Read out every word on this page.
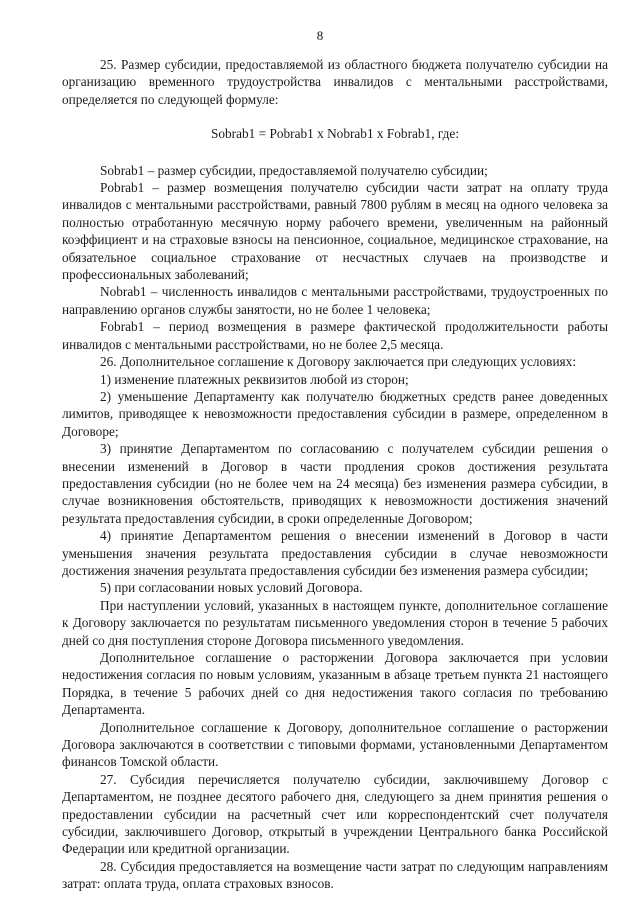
8

25. Размер субсидии, предоставляемой из областного бюджета получателю субсидии на организацию временного трудоустройства инвалидов с ментальными расстройствами, определяется по следующей формуле:

Sobrab1 = Pobrab1 x Nobrab1 x Fobrab1, где:

Sobrab1 – размер субсидии, предоставляемой получателю субсидии;

Pobrab1 – размер возмещения получателю субсидии части затрат на оплату труда инвалидов с ментальными расстройствами, равный 7800 рублям в месяц на одного человека за полностью отработанную месячную норму рабочего времени, увеличенным на районный коэффициент и на страховые взносы на пенсионное, социальное, медицинское страхование, на обязательное социальное страхование от несчастных случаев на производстве и профессиональных заболеваний;

Nobrab1 – численность инвалидов с ментальными расстройствами, трудоустроенных по направлению органов службы занятости, но не более 1 человека;

Fobrab1 – период возмещения в размере фактической продолжительности работы инвалидов с ментальными расстройствами, но не более 2,5 месяца.

26. Дополнительное соглашение к Договору заключается при следующих условиях:

1) изменение платежных реквизитов любой из сторон;

2) уменьшение Департаменту как получателю бюджетных средств ранее доведенных лимитов, приводящее к невозможности предоставления субсидии в размере, определенном в Договоре;

3) принятие Департаментом по согласованию с получателем субсидии решения о внесении изменений в Договор в части продления сроков достижения результата предоставления субсидии (но не более чем на 24 месяца) без изменения размера субсидии, в случае возникновения обстоятельств, приводящих к невозможности достижения значений результата предоставления субсидии, в сроки определенные Договором;

4) принятие Департаментом решения о внесении изменений в Договор в части уменьшения значения результата предоставления субсидии в случае невозможности достижения значения результата предоставления субсидии без изменения размера субсидии;

5) при согласовании новых условий Договора.

При наступлении условий, указанных в настоящем пункте, дополнительное соглашение к Договору заключается по результатам письменного уведомления сторон в течение 5 рабочих дней со дня поступления стороне Договора письменного уведомления.

Дополнительное соглашение о расторжении Договора заключается при условии недостижения согласия по новым условиям, указанным в абзаце третьем пункта 21 настоящего Порядка, в течение 5 рабочих дней со дня недостижения такого согласия по требованию Департамента.

Дополнительное соглашение к Договору, дополнительное соглашение о расторжении Договора заключаются в соответствии с типовыми формами, установленными Департаментом финансов Томской области.

27. Субсидия перечисляется получателю субсидии, заключившему Договор с Департаментом, не позднее десятого рабочего дня, следующего за днем принятия решения о предоставлении субсидии на расчетный счет или корреспондентский счет получателя субсидии, заключившего Договор, открытый в учреждении Центрального банка Российской Федерации или кредитной организации.

28. Субсидия предоставляется на возмещение части затрат по следующим направлениям затрат: оплата труда, оплата страховых взносов.
